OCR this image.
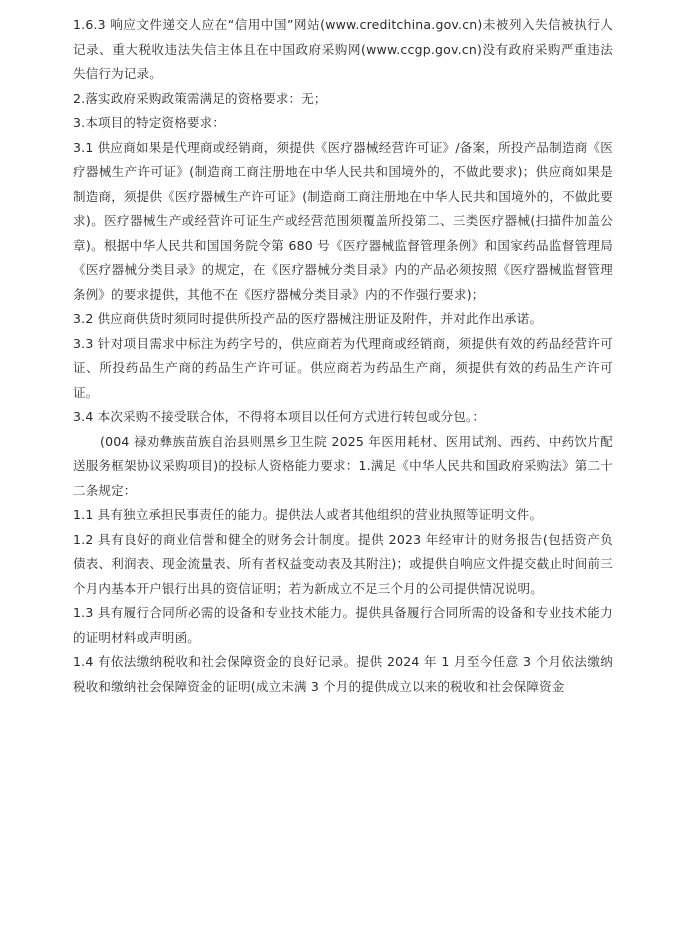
1.6.3 响应文件递交人应在“信用中国”网站(www.creditchina.gov.cn)未被列入失信被执行人记录、重大税收违法失信主体且在中国政府采购网(www.ccgp.gov.cn)没有政府采购严重违法失信行为记录。

2.落实政府采购政策需满足的资格要求：无；

3.本项目的特定资格要求：

3.1 供应商如果是代理商或经销商，须提供《医疗器械经营许可证》/备案，所投产品制造商《医疗器械生产许可证》(制造商工商注册地在中华人民共和国境外的，不做此要求)；供应商如果是制造商，须提供《医疗器械生产许可证》(制造商工商注册地在中华人民共和国境外的，不做此要求)。医疗器械生产或经营许可证生产或经营范围须覆盖所投第二、三类医疗器械(扫描件加盖公章)。根据中华人民共和国国务院令第 680 号《医疗器械监督管理条例》和国家药品监督管理局《医疗器械分类目录》的规定，在《医疗器械分类目录》内的产品必须按照《医疗器械监督管理条例》的要求提供，其他不在《医疗器械分类目录》内的不作强行要求)；

3.2 供应商供货时须同时提供所投产品的医疗器械注册证及附件，并对此作出承诺。

3.3 针对项目需求中标注为药字号的，供应商若为代理商或经销商，须提供有效的药品经营许可证、所投药品生产商的药品生产许可证。供应商若为药品生产商，须提供有效的药品生产许可证。

3.4 本次采购不接受联合体，不得将本项目以任何方式进行转包或分包。：

(004 禄劝彝族苗族自治县则黑乡卫生院 2025 年医用耗材、医用试剂、西药、中药饮片配送服务框架协议采购项目)的投标人资格能力要求：1.满足《中华人民共和国政府采购法》第二十二条规定：

1.1 具有独立承担民事责任的能力。提供法人或者其他组织的营业执照等证明文件。

1.2 具有良好的商业信誉和健全的财务会计制度。提供 2023 年经审计的财务报告(包括资产负债表、利润表、现金流量表、所有者权益变动表及其附注)；或提供自响应文件提交截止时间前三个月内基本开户银行出具的资信证明；若为新成立不足三个月的公司提供情况说明。

1.3 具有履行合同所必需的设备和专业技术能力。提供具备履行合同所需的设备和专业技术能力的证明材料或声明函。

1.4 有依法缴纳税收和社会保障资金的良好记录。提供 2024 年 1 月至今任意 3 个月依法缴纳税收和缴纳社会保障资金的证明(成立未满 3 个月的提供成立以来的税收和社会保障资金
